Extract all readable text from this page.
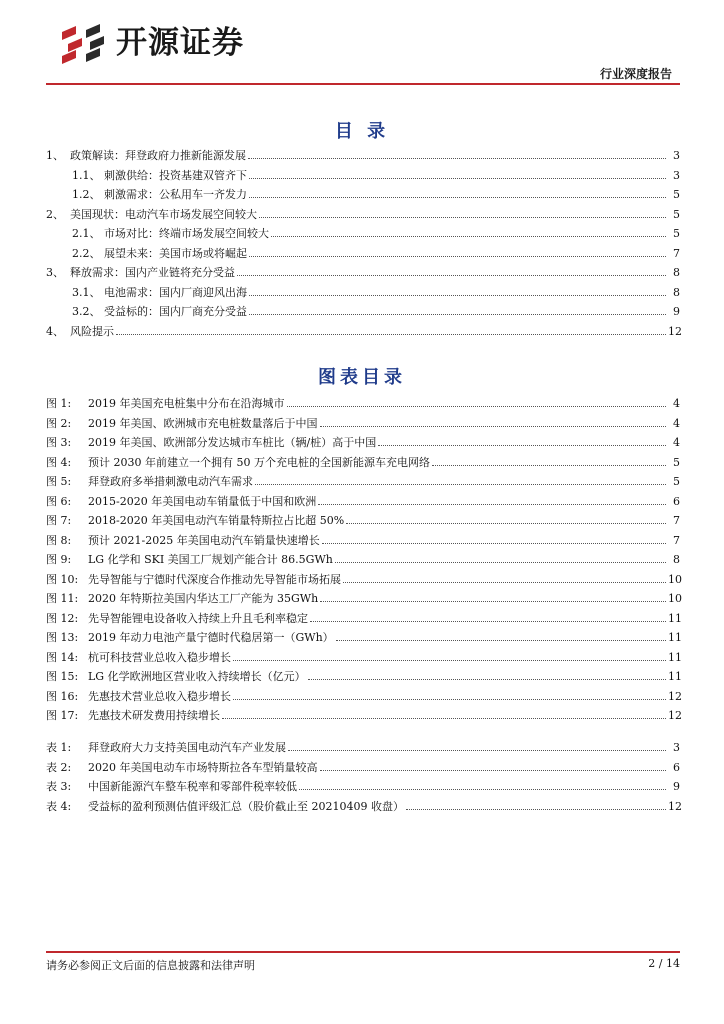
开源证券
行业深度报告
目 录
1、 政策解读：拜登政府力推新能源发展	3
1.1、 刺激供给：投资基建双管齐下	3
1.2、 刺激需求：公私用车一齐发力	5
2、 美国现状：电动汽车市场发展空间较大	5
2.1、 市场对比：终端市场发展空间较大	5
2.2、 展望未来：美国市场或将崛起	7
3、 释放需求：国内产业链将充分受益	8
3.1、 电池需求：国内厂商迎风出海	8
3.2、 受益标的：国内厂商充分受益	9
4、 风险提示	12
图表目录
图 1:	2019 年美国充电桩集中分布在沿海城市	4
图 2:	2019 年美国、欧洲城市充电桩数量落后于中国	4
图 3:	2019 年美国、欧洲部分发达城市车桩比（辆/桩）高于中国	4
图 4:	预计 2030 年前建立一个拥有 50 万个充电桩的全国新能源车充电网络	5
图 5:	拜登政府多举措刺激电动汽车需求	5
图 6:	2015-2020 年美国电动车销量低于中国和欧洲	6
图 7:	2018-2020 年美国电动汽车销量特斯拉占比超 50%	7
图 8:	预计 2021-2025 年美国电动汽车销量快速增长	7
图 9:	LG 化学和 SKI 美国工厂规划产能合计 86.5GWh	8
图 10: 先导智能与宁德时代深度合作推动先导智能市场拓展	10
图 11: 2020 年特斯拉美国内华达工厂产能为 35GWh	10
图 12: 先导智能锂电设备收入持续上升且毛利率稳定	11
图 13: 2019 年动力电池产量宁德时代稳居第一（GWh）	11
图 14: 杭可科技营业总收入稳步增长	11
图 15: LG 化学欧洲地区营业收入持续增长（亿元）	11
图 16: 先惠技术营业总收入稳步增长	12
图 17: 先惠技术研发费用持续增长	12
表 1:	拜登政府大力支持美国电动汽车产业发展	3
表 2:	2020 年美国电动车市场特斯拉各车型销量较高	6
表 3:	中国新能源汽车整车税率和零部件税率较低	9
表 4:	受益标的盈利预测估值评级汇总（股价截止至 20210409 收盘）	12
请务必参阅正文后面的信息披露和法律声明	2 / 14
